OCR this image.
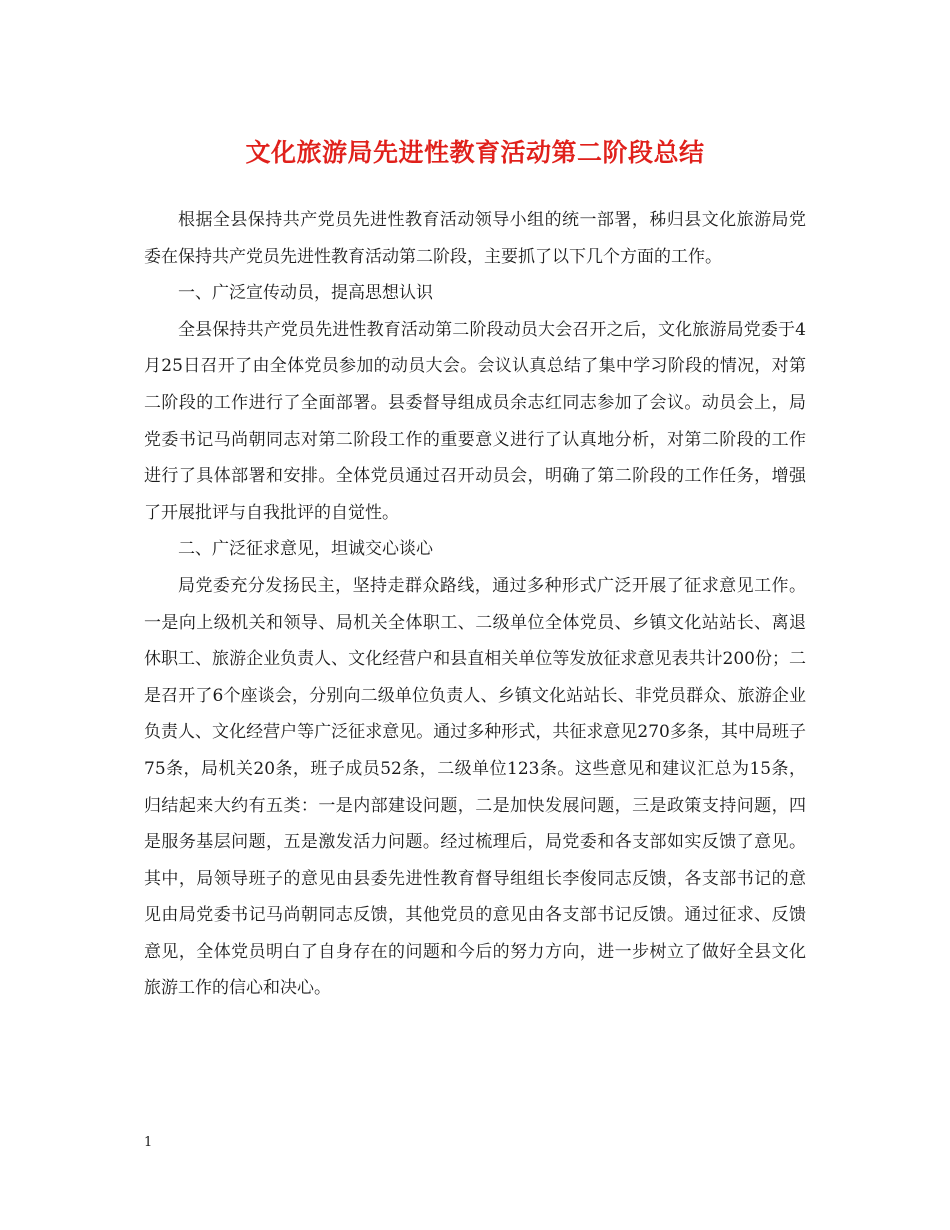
文化旅游局先进性教育活动第二阶段总结

根据全县保持共产党员先进性教育活动领导小组的统一部署，秭归县文化旅游局党委在保持共产党员先进性教育活动第二阶段，主要抓了以下几个方面的工作。

一、广泛宣传动员，提高思想认识

全县保持共产党员先进性教育活动第二阶段动员大会召开之后，文化旅游局党委于4月25日召开了由全体党员参加的动员大会。会议认真总结了集中学习阶段的情况，对第二阶段的工作进行了全面部署。县委督导组成员余志红同志参加了会议。动员会上，局党委书记马尚朝同志对第二阶段工作的重要意义进行了认真地分析，对第二阶段的工作进行了具体部署和安排。全体党员通过召开动员会，明确了第二阶段的工作任务，增强了开展批评与自我批评的自觉性。

二、广泛征求意见，坦诚交心谈心

局党委充分发扬民主，坚持走群众路线，通过多种形式广泛开展了征求意见工作。一是向上级机关和领导、局机关全体职工、二级单位全体党员、乡镇文化站站长、离退休职工、旅游企业负责人、文化经营户和县直相关单位等发放征求意见表共计200份；二是召开了6个座谈会，分别向二级单位负责人、乡镇文化站站长、非党员群众、旅游企业负责人、文化经营户等广泛征求意见。通过多种形式，共征求意见270多条，其中局班子75条，局机关20条，班子成员52条，二级单位123条。这些意见和建议汇总为15条，归结起来大约有五类：一是内部建设问题，二是加快发展问题，三是政策支持问题，四是服务基层问题，五是激发活力问题。经过梳理后，局党委和各支部如实反馈了意见。其中，局领导班子的意见由县委先进性教育督导组组长李俊同志反馈，各支部书记的意见由局党委书记马尚朝同志反馈，其他党员的意见由各支部书记反馈。通过征求、反馈意见，全体党员明白了自身存在的问题和今后的努力方向，进一步树立了做好全县文化旅游工作的信心和决心。

1
